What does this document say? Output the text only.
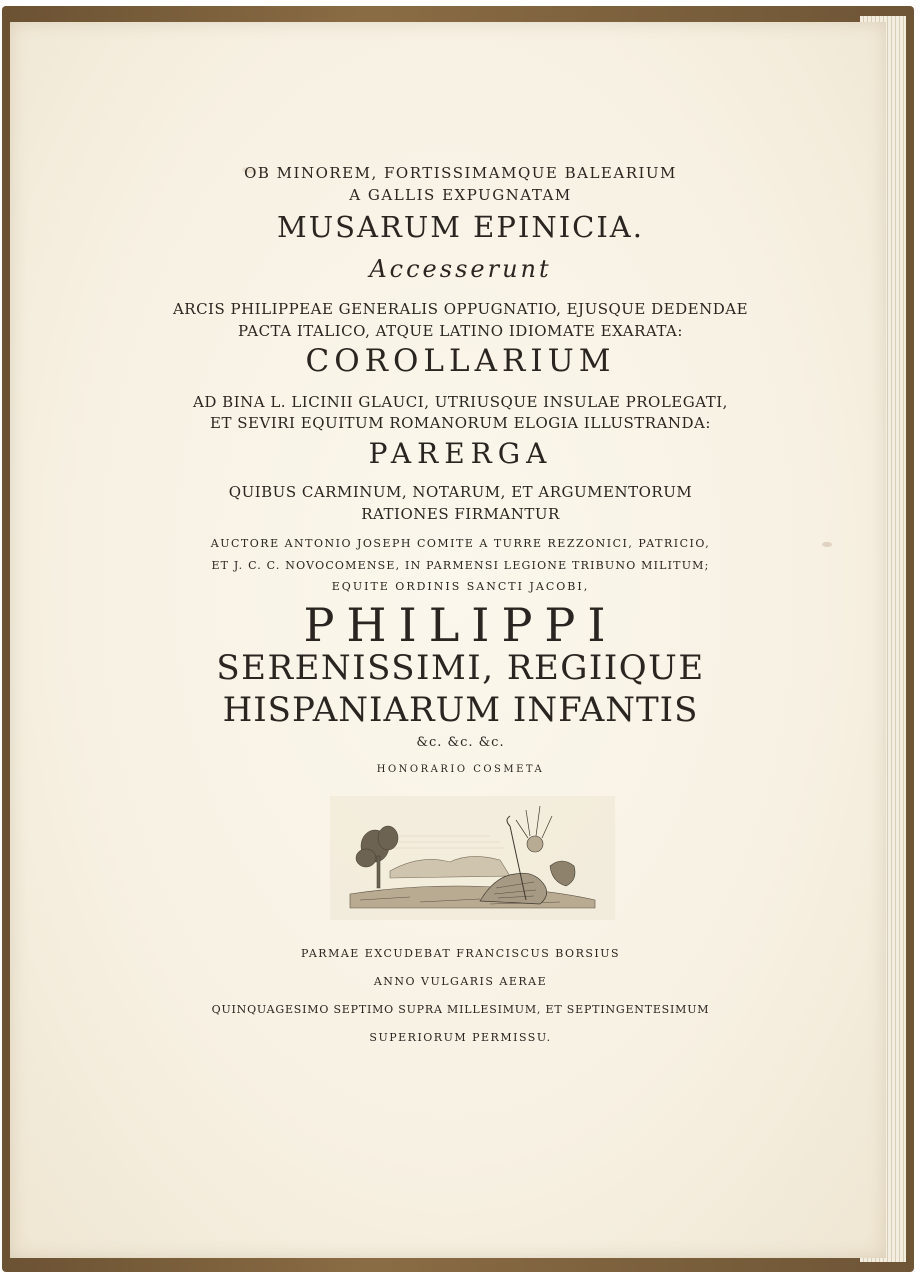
OB MINOREM, FORTISSIMAMQUE BALEARIUM
A GALLIS EXPUGNATAM
MUSARUM EPINICIA.
Accesserunt
ARCIS PHILIPPEAE GENERALIS OPPUGNATIO, EJUSQUE DEDENDAE
PACTA ITALICO, ATQUE LATINO IDIOMATE EXARATA:
COROLLARIUM
AD BINA L. LICINII GLAUCI, UTRIUSQUE INSULAE PROLEGATI,
ET SEVIRI EQUITUM ROMANORUM ELOGIA ILLUSTRANDA:
PARERGA
QUIBUS CARMINUM, NOTARUM, ET ARGUMENTORUM
RATIONES FIRMANTUR
AUCTORE ANTONIO JOSEPH COMITE A TURRE REZZONICI, PATRICIO,
ET J. C. C. NOVOCOMENSE, IN PARMENSI LEGIONE TRIBUNO MILITUM;
EQUITE ORDINIS SANCTI JACOBI,
PHILIPPI
SERENISSIMI, REGIIQUE
HISPANIARUM INFANTIS
&c. &c. &c.
HONORARIO COSMETA
PARMAE EXCUDEBAT FRANCISCUS BORSIUS
ANNO VULGARIS AERAE
QUINQUAGESIMO SEPTIMO SUPRA MILLESIMUM, ET SEPTINGENTESIMUM
SUPERIORUM PERMISSU.
